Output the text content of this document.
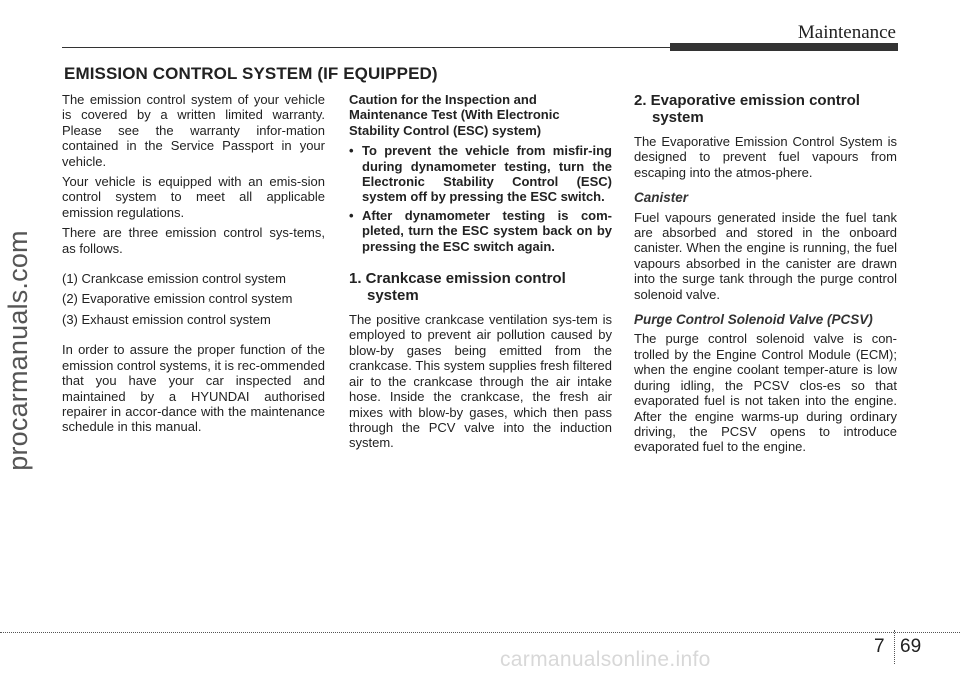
procarmanuals.com
Maintenance
EMISSION CONTROL SYSTEM (IF EQUIPPED)

The emission control system of your vehicle is covered by a written limited warranty. Please see the warranty infor-mation contained in the Service Passport in your vehicle.

Your vehicle is equipped with an emis-sion control system to meet all applicable emission regulations.

There are three emission control sys-tems, as follows.

(1) Crankcase emission control system

(2) Evaporative emission control system

(3) Exhaust emission control system

In order to assure the proper function of the emission control systems, it is rec-ommended that you have your car inspected and maintained by a HYUNDAI authorised repairer in accor-dance with the maintenance schedule in this manual.

Caution for the Inspection and Maintenance Test (With Electronic Stability Control (ESC) system)

• To prevent the vehicle from misfir-ing during dynamometer testing, turn the Electronic Stability Control (ESC) system off by pressing the ESC switch.
• After dynamometer testing is com-pleted, turn the ESC system back on by pressing the ESC switch again.
1. Crankcase emission control system

The positive crankcase ventilation sys-tem is employed to prevent air pollution caused by blow-by gases being emitted from the crankcase. This system supplies fresh filtered air to the crankcase through the air intake hose. Inside the crankcase, the fresh air mixes with blow-by gases, which then pass through the PCV valve into the induction system.

2. Evaporative emission control system

The Evaporative Emission Control System is designed to prevent fuel vapours from escaping into the atmos-phere.

Canister

Fuel vapours generated inside the fuel tank are absorbed and stored in the onboard canister. When the engine is running, the fuel vapours absorbed in the canister are drawn into the surge tank through the purge control solenoid valve.

Purge Control Solenoid Valve (PCSV)

The purge control solenoid valve is con-trolled by the Engine Control Module (ECM); when the engine coolant temper-ature is low during idling, the PCSV clos-es so that evaporated fuel is not taken into the engine. After the engine warms-up during ordinary driving, the PCSV opens to introduce evaporated fuel to the engine.

7 69
carmanualsonline.info
